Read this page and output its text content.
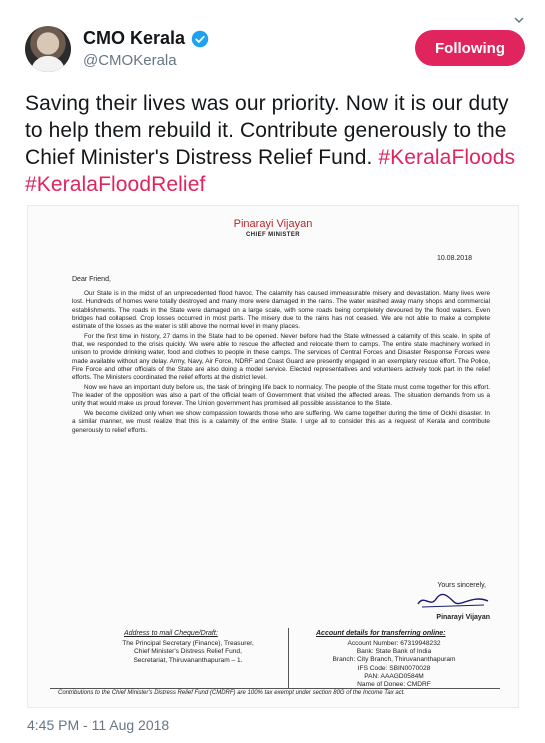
CMO Kerala
@CMOKerala
Following
Saving their lives was our priority. Now it is our duty to help them rebuild it. Contribute generously to the Chief Minister's Distress Relief Fund. #KeralaFloods #KeralaFloodRelief
Pinarayi Vijayan
CHIEF MINISTER
10.08.2018
Dear Friend,

Our State is in the midst of an unprecedented flood havoc. The calamity has caused immeasurable misery and devastation. Many lives were lost. Hundreds of homes were totally destroyed and many more were damaged in the rains. The water washed away many shops and commercial establishments. The roads in the State were damaged on a large scale, with some roads being completely devoured by the flood waters. Even bridges had collapsed. Crop losses occurred in most parts. The misery due to the rains has not ceased. We are not able to make a complete estimate of the losses as the water is still above the normal level in many places.

For the first time in history, 27 dams in the State had to be opened. Never before had the State witnessed a calamity of this scale. In spite of that, we responded to the crisis quickly. We were able to rescue the affected and relocate them to camps. The entire state machinery worked in unison to provide drinking water, food and clothes to people in these camps. The services of Central Forces and Disaster Response Forces were made available without any delay. Army, Navy, Air Force, NDRF and Coast Guard are presently engaged in an exemplary rescue effort. The Police, Fire Force and other officials of the State are also doing a model service. Elected representatives and volunteers actively took part in the relief efforts. The Ministers coordinated the relief efforts at the district level.

Now we have an important duty before us, the task of bringing life back to normalcy. The people of the State must come together for this effort. The leader of the opposition was also a part of the official team of Government that visited the affected areas. The situation demands from us a unity that would make us proud forever. The Union government has promised all possible assistance to the State.

We become civilized only when we show compassion towards those who are suffering. We came together during the time of Ockhi disaster. In a similar manner, we must realize that this is a calamity of the entire State. I urge all to consider this as a request of Kerala and contribute generously to relief efforts.

Yours sincerely,
Pinarayi Vijayan
Address to mail Cheque/Draft:
The Principal Secretary (Finance), Treasurer,
Chief Minister's Distress Relief Fund,
Secretariat, Thiruvananthapuram – 1.
Account details for transferring online:
Account Number: 67319948232
Bank: State Bank of India
Branch: City Branch, Thiruvananthapuram
IFS Code: SBIN0070028
PAN: AAAGD0584M
Name of Donee: CMDRF
Contributions to the Chief Minister's Distress Relief Fund (CMDRF) are 100% tax exempt under section 80G of the Income Tax act.
4:45 PM - 11 Aug 2018
